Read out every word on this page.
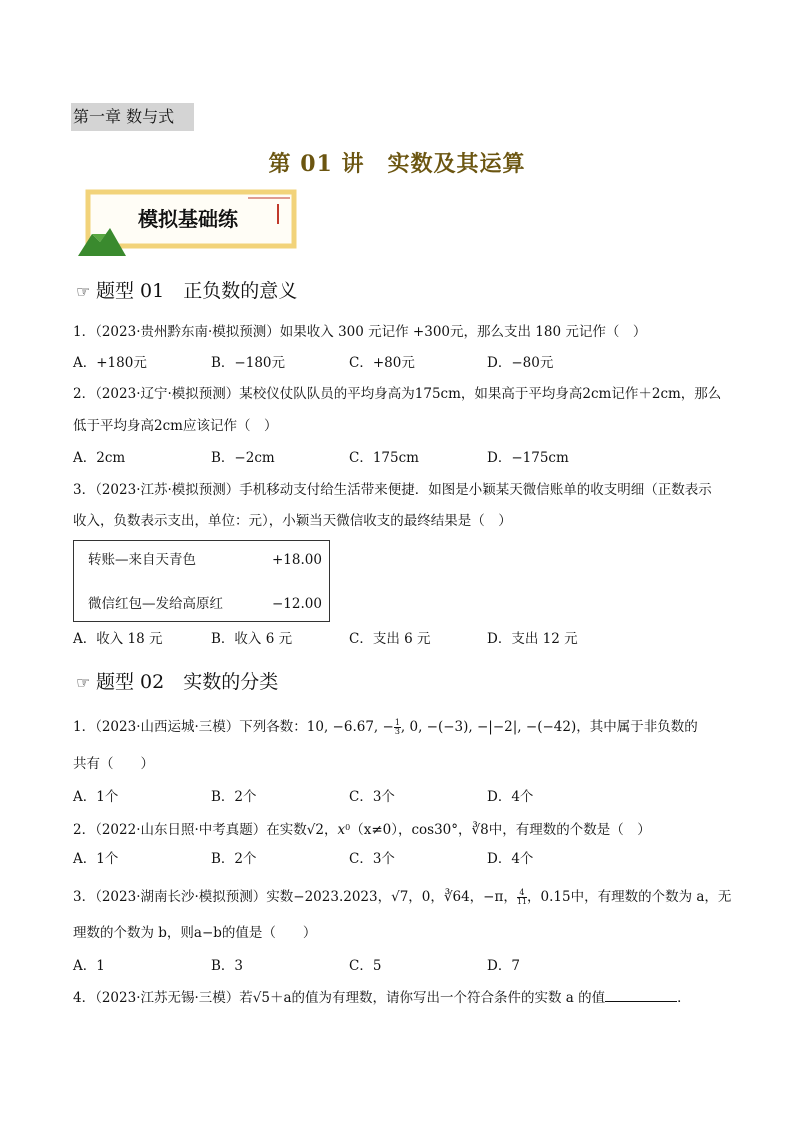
第一章 数与式
第 01 讲　实数及其运算
模拟基础练
☞ 题型 01　正负数的意义
1．（2023·贵州黔东南·模拟预测）如果收入 300 元记作 +300元，那么支出 180 元记作（　）
A．+180元	B．−180元	C．+80元	D．−80元
2．（2023·辽宁·模拟预测）某校仪仗队队员的平均身高为175cm，如果高于平均身高2cm记作＋2cm，那么
低于平均身高2cm应该记作（　）
A．2cm	B．−2cm	C．175cm	D．−175cm
3．（2023·江苏·模拟预测）手机移动支付给生活带来便捷．如图是小颖某天微信账单的收支明细（正数表示
收入，负数表示支出，单位：元），小颖当天微信收支的最终结果是（　）
转账—来自天青色	+18.00
微信红包—发给高原红	−12.00
A．收入 18 元	B．收入 6 元	C．支出 6 元	D．支出 12 元
☞ 题型 02　实数的分类
1．（2023·山西运城·三模）下列各数：10, −6.67, − $\frac{1}{3}$ , 0, −(−3), −|−2|, −(−42)，其中属于非负数的
共有（　　）
A．1个	B．2个	C．3个	D．4个
2．（2022·山东日照·中考真题）在实数√2，$x^0(x\ne 0)$，cos30°，∛8中，有理数的个数是（　）
A．1个	B．2个	C．3个	D．4个
3．（2023·湖南长沙·模拟预测）实数−2023.2023，√7，0，∛64，−π， $\frac{4}{11}$ ，0.15中，有理数的个数为 a，无
理数的个数为 b，则a−b的值是（　　）
A．1	B．3	C．5	D．7
4．（2023·江苏无锡·三模）若√5＋a的值为有理数，请你写出一个符合条件的实数 a 的值	．
